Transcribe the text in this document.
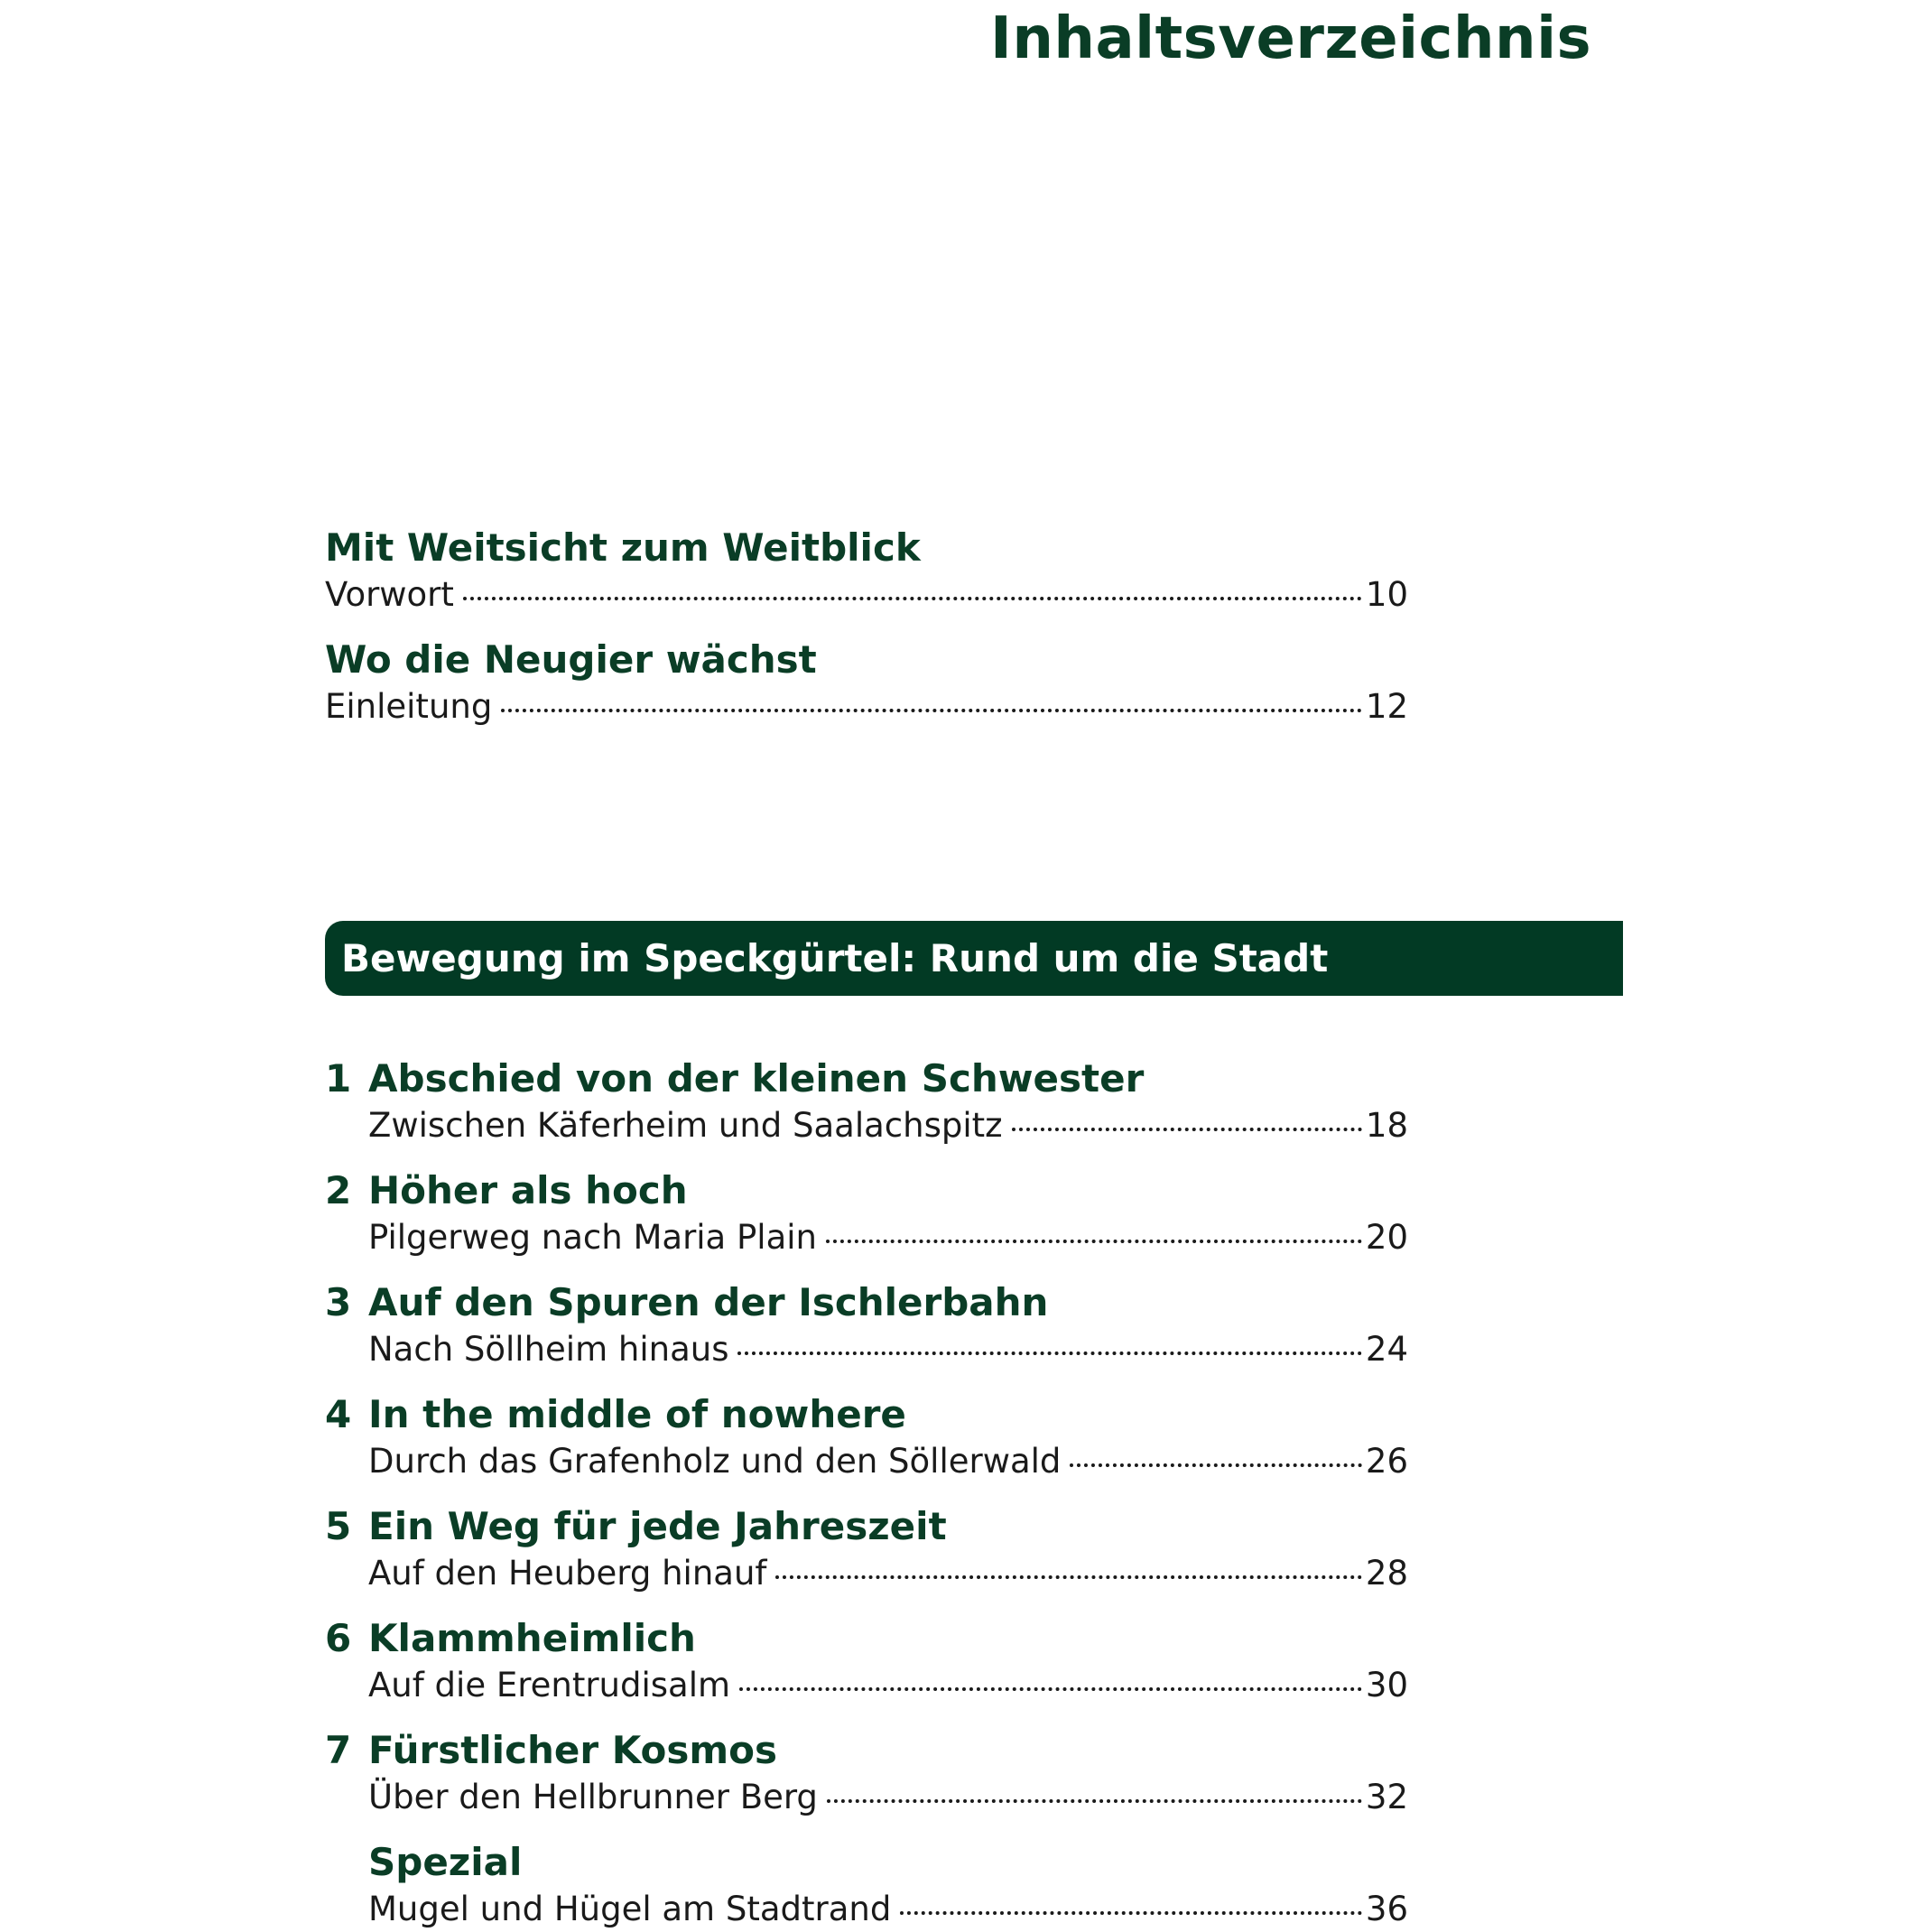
Inhaltsverzeichnis
Mit Weitsicht zum Weitblick
Vorwort	10
Wo die Neugier wächst
Einleitung	12
Bewegung im Speckgürtel: Rund um die Stadt
1 Abschied von der kleinen Schwester
Zwischen Käferheim und Saalachspitz	18
2 Höher als hoch
Pilgerweg nach Maria Plain	20
3 Auf den Spuren der Ischlerbahn
Nach Söllheim hinaus	24
4 In the middle of nowhere
Durch das Grafenholz und den Söllerwald	26
5 Ein Weg für jede Jahreszeit
Auf den Heuberg hinauf	28
6 Klammheimlich
Auf die Erentrudisalm	30
7 Fürstlicher Kosmos
Über den Hellbrunner Berg	32
Spezial
Mugel und Hügel am Stadtrand	36
